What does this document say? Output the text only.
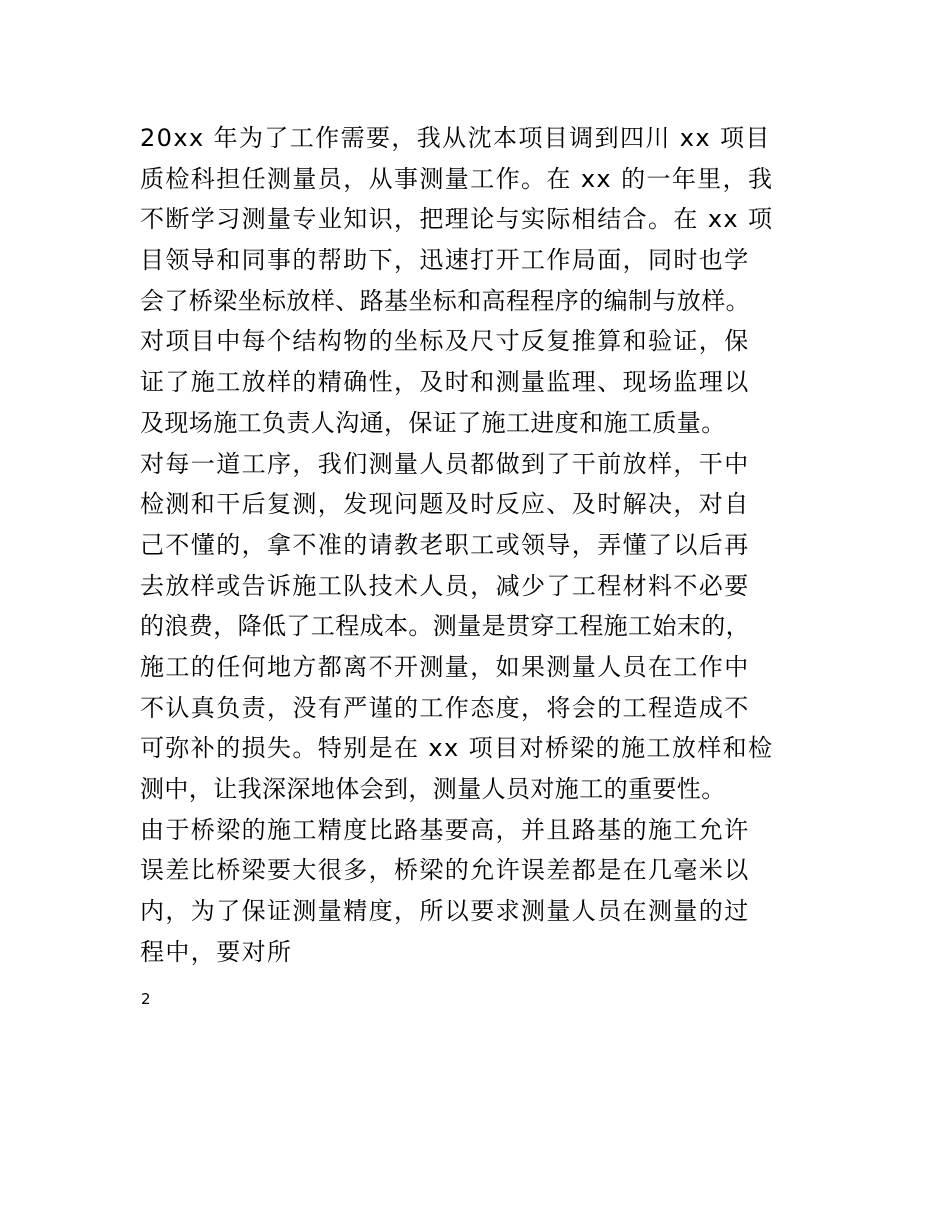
20xx 年为了工作需要，我从沈本项目调到四川 xx 项目
质检科担任测量员，从事测量工作。在 xx 的一年里，我
不断学习测量专业知识，把理论与实际相结合。在 xx 项
目领导和同事的帮助下，迅速打开工作局面，同时也学
会了桥梁坐标放样、路基坐标和高程程序的编制与放样。
对项目中每个结构物的坐标及尺寸反复推算和验证，保
证了施工放样的精确性，及时和测量监理、现场监理以
及现场施工负责人沟通，保证了施工进度和施工质量。
对每一道工序，我们测量人员都做到了干前放样，干中
检测和干后复测，发现问题及时反应、及时解决，对自
己不懂的，拿不准的请教老职工或领导，弄懂了以后再
去放样或告诉施工队技术人员，减少了工程材料不必要
的浪费，降低了工程成本。测量是贯穿工程施工始末的，
施工的任何地方都离不开测量，如果测量人员在工作中
不认真负责，没有严谨的工作态度，将会的工程造成不
可弥补的损失。特别是在 xx 项目对桥梁的施工放样和检
测中，让我深深地体会到，测量人员对施工的重要性。
由于桥梁的施工精度比路基要高，并且路基的施工允许
误差比桥梁要大很多，桥梁的允许误差都是在几毫米以
内，为了保证测量精度，所以要求测量人员在测量的过
程中，要对所
2
